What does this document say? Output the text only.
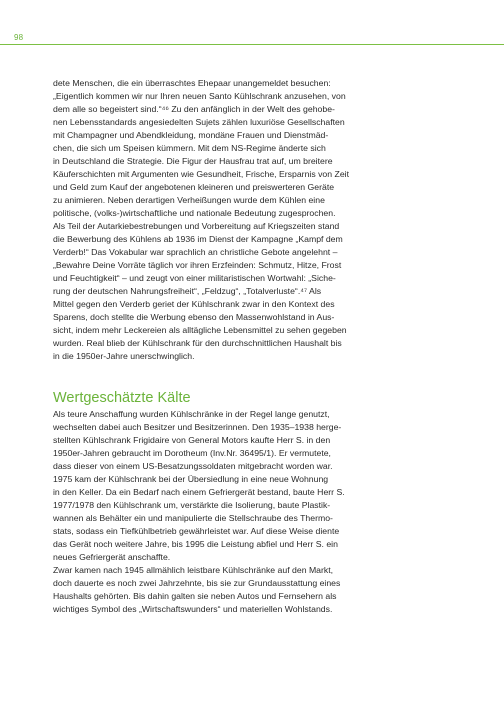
98
dete Menschen, die ein überraschtes Ehepaar unangemeldet besuchen:
„Eigentlich kommen wir nur Ihren neuen Santo Kühlschrank anzusehen, von
dem alle so begeistert sind.“⁴⁶ Zu den anfänglich in der Welt des gehobe-
nen Lebensstandards angesiedelten Sujets zählen luxuriöse Gesellschaften
mit Champagner und Abendkleidung, mondäne Frauen und Dienstmäd-
chen, die sich um Speisen kümmern. Mit dem NS-Regime änderte sich
in Deutschland die Strategie. Die Figur der Hausfrau trat auf, um breitere
Käuferschichten mit Argumenten wie Gesundheit, Frische, Ersparnis von Zeit
und Geld zum Kauf der angebotenen kleineren und preiswerteren Geräte
zu animieren. Neben derartigen Verheißungen wurde dem Kühlen eine
politische, (volks-)wirtschaftliche und nationale Bedeutung zugesprochen.
Als Teil der Autarkiebestrebungen und Vorbereitung auf Kriegszeiten stand
die Bewerbung des Kühlens ab 1936 im Dienst der Kampagne „Kampf dem
Verderb!“ Das Vokabular war sprachlich an christliche Gebote angelehnt –
„Bewahre Deine Vorräte täglich vor ihren Erzfeinden: Schmutz, Hitze, Frost
und Feuchtigkeit“ – und zeugt von einer militaristischen Wortwahl: „Siche-
rung der deutschen Nahrungsfreiheit“, „Feldzug“, „Totalverluste“.⁴⁷ Als
Mittel gegen den Verderb geriet der Kühlschrank zwar in den Kontext des
Sparens, doch stellte die Werbung ebenso den Massenwohlstand in Aus-
sicht, indem mehr Leckereien als alltägliche Lebensmittel zu sehen gegeben
wurden. Real blieb der Kühlschrank für den durchschnittlichen Haushalt bis
in die 1950er-Jahre unerschwinglich.
Wertgeschätzte Kälte
Als teure Anschaffung wurden Kühlschränke in der Regel lange genutzt,
wechselten dabei auch Besitzer und Besitzerinnen. Den 1935–1938 herge-
stellten Kühlschrank Frigidaire von General Motors kaufte Herr S. in den
1950er-Jahren gebraucht im Dorotheum (Inv.Nr. 36495/1). Er vermutete,
dass dieser von einem US-Besatzungssoldaten mitgebracht worden war.
1975 kam der Kühlschrank bei der Übersiedlung in eine neue Wohnung
in den Keller. Da ein Bedarf nach einem Gefriergerät bestand, baute Herr S.
1977/1978 den Kühlschrank um, verstärkte die Isolierung, baute Plastik-
wannen als Behälter ein und manipulierte die Stellschraube des Thermo-
stats, sodass ein Tiefkühlbetrieb gewährleistet war. Auf diese Weise diente
das Gerät noch weitere Jahre, bis 1995 die Leistung abfiel und Herr S. ein
neues Gefriergerät anschaffte.
Zwar kamen nach 1945 allmählich leistbare Kühlschränke auf den Markt,
doch dauerte es noch zwei Jahrzehnte, bis sie zur Grundausstattung eines
Haushalts gehörten. Bis dahin galten sie neben Autos und Fernsehern als
wichtiges Symbol des „Wirtschaftswunders“ und materiellen Wohlstands.
